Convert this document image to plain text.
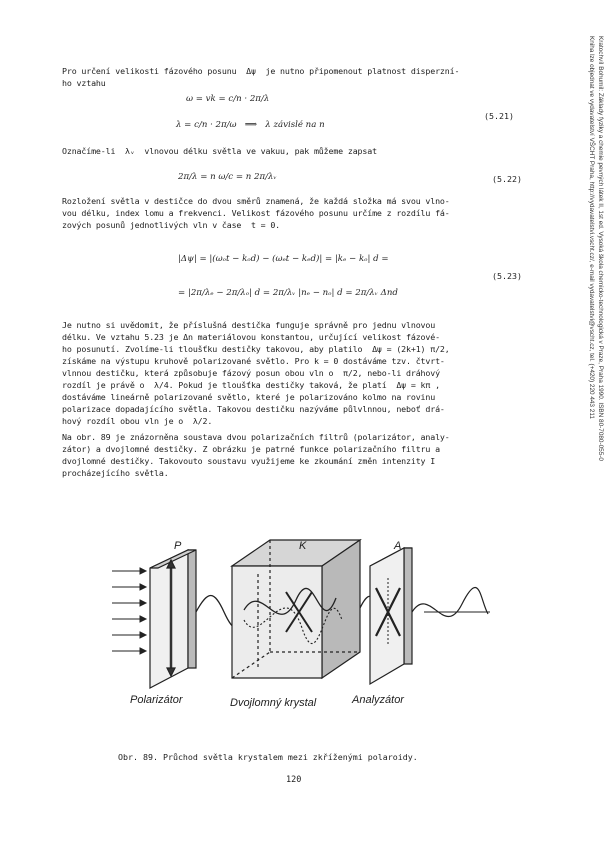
Kratochvíl Bohumil: Základy fyziky a chemie pevných látek II, 1st ed. Vysoká škola chemicko-technologická v Praze, Praha 1990. ISBN 80-7080-055-0
Kniha lze objednat ve vydavatelství VŠCHT Praha, http://vydavatelstvi.vscht.cz/, e-mail vydavatelstvi@vscht.cz, tel. (+420) 220 443 211
Pro určení velikosti fázového posunu  Δψ  je nutno připomenout platnost disperzní-
ho vztahu
ω = vk = c/n · 2π/λ
λ = c/n · 2π/ω   ⟹   λ závislé na n
(5.21)
Označíme-li  λᵥ  vlnovou délku světla ve vakuu, pak můžeme zapsat
2π/λ = n ω/c = n 2π/λᵥ	(5.22)
Rozložení světla v destičce do dvou směrů znamená, že každá složka má svou vlno-
vou délku, index lomu a frekvenci. Velikost fázového posunu určíme z rozdílu fá-
zových posunů jednotlivých vln v čase  t = 0.
|Δψ| = |(ωₒt − kₒd) − (ωₑt − kₑd)| = |kₑ − kₒ| d =
= |2π/λₑ − 2π/λₒ| d = 2π/λᵥ |nₑ − nₒ| d = 2π/λᵥ Δnd
(5.23)
Je nutno si uvědomit, že příslušná destička funguje správně pro jednu vlnovou
délku. Ve vztahu 5.23 je Δn materiálovou konstantou, určující velikost fázové-
ho posunutí. Zvolíme-li tloušťku destičky takovou, aby platilo  Δψ = (2k+1) π/2,
získáme na výstupu kruhově polarizované světlo. Pro k = 0 dostáváme tzv. čtvrt-
vlnnou destičku, která způsobuje fázový posun obou vln o  π/2, nebo-li dráhový
rozdíl je právě o  λ/4. Pokud je tloušťka destičky taková, že platí  Δψ = kπ ,
dostáváme lineárně polarizované světlo, které je polarizováno kolmo na rovinu
polarizace dopadajícího světla. Takovou destičku nazýváme půlvlnnou, neboť drá-
hový rozdíl obou vln je o  λ/2.
Na obr. 89 je znázorněna soustava dvou polarizačních filtrů (polarizátor, analy-
zátor) a dvojlomné destičky. Z obrázku je patrné funkce polarizačního filtru a
dvojlomné destičky. Takovouto soustavu využijeme ke zkoumání změn intenzity I
procházejícího světla.
P	K	A
Polarizátor	Dvojlomný krystal	Analyzátor
Obr. 89. Průchod světla krystalem mezi zkříženými polaroidy.
120
